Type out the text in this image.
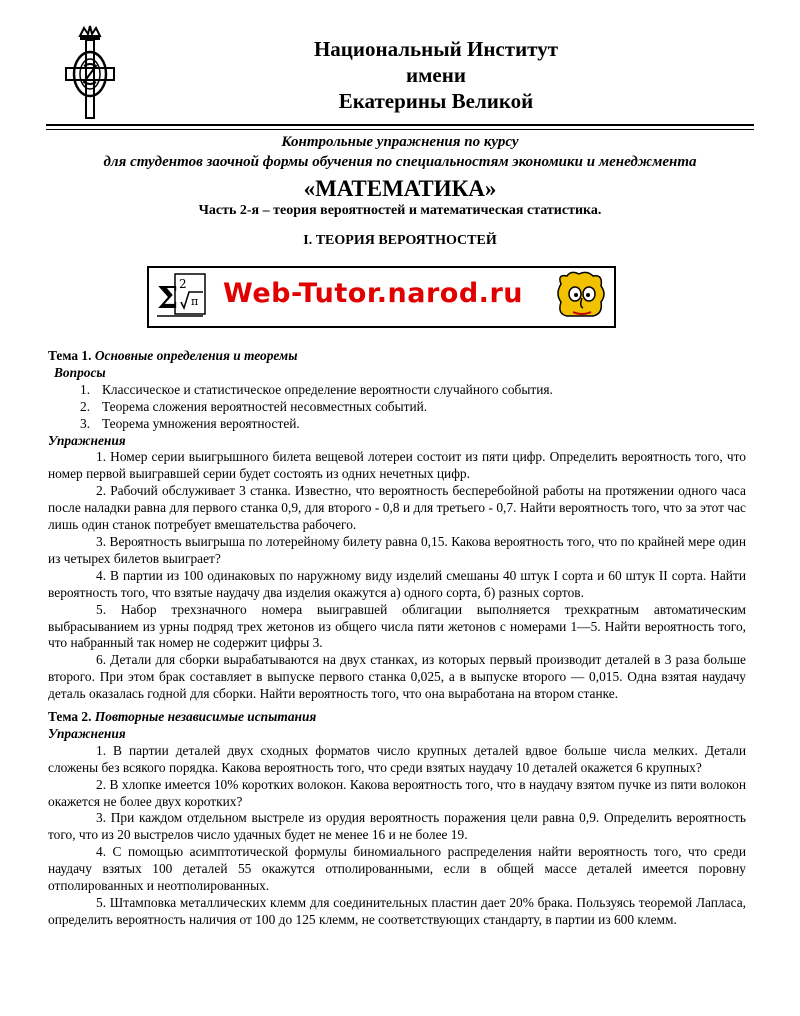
Национальный Институт
имени
Екатерины Великой
Контрольные упражнения по курсу
для студентов заочной формы обучения по специальностям экономики и менеджмента
«МАТЕМАТИКА»
Часть 2-я – теория вероятностей и математическая статистика.
I. ТЕОРИЯ ВЕРОЯТНОСТЕЙ
Σ 2
π Web-Tutor.narod.ru

Тема 1. Основные определения и теоремы

Вопросы

1. Классическое и статистическое определение вероятности случайного события.
2. Теорема сложения вероятностей несовместных событий.
3. Теорема умножения вероятностей.

Упражнения

1. Номер серии выигрышного билета вещевой лотереи состоит из пяти цифр. Определить вероятность того, что номер первой выигравшей серии будет состоять из одних нечетных цифр.

2. Рабочий обслуживает 3 станка. Известно, что вероятность бесперебойной работы на протяжении одного часа после наладки равна для первого станка 0,9, для второго - 0,8 и для третьего - 0,7. Найти вероятность того, что за этот час лишь один станок потребует вмешательства рабочего.

3. Вероятность выигрыша по лотерейному билету равна 0,15. Какова вероятность того, что по крайней мере один из четырех билетов выиграет?

4. В партии из 100 одинаковых по наружному виду изделий смешаны 40 штук I сорта и 60 штук II сорта. Найти вероятность того, что взятые наудачу два изделия окажутся а) одного сорта, б) разных сортов.

5. Набор трехзначного номера выигравшей облигации выполняется трехкратным автоматическим выбрасыванием из урны подряд трех жетонов из общего числа пяти жетонов с номерами 1—5. Найти вероятность того, что набранный так номер не содержит цифры 3.

6. Детали для сборки вырабатываются на двух станках, из которых первый производит деталей в 3 раза больше второго. При этом брак составляет в выпуске первого станка 0,025, а в выпуске второго — 0,015. Одна взятая наудачу деталь оказалась годной для сборки. Найти вероятность того, что она выработана на втором станке.

Тема 2. Повторные независимые испытания

Упражнения

1. В партии деталей двух сходных форматов число крупных деталей вдвое больше числа мелких. Детали сложены без всякого порядка. Какова вероятность того, что среди взятых наудачу 10 деталей окажется 6 крупных?

2. В хлопке имеется 10% коротких волокон. Какова вероятность того, что в наудачу взятом пучке из пяти волокон окажется не более двух коротких?

3. При каждом отдельном выстреле из орудия вероятность поражения цели равна 0,9. Определить вероятность того, что из 20 выстрелов число удачных будет не менее 16 и не более 19.

4. С помощью асимптотической формулы биномиального распределения найти вероятность того, что среди наудачу взятых 100 деталей 55 окажутся отполированными, если в общей массе деталей имеется поровну отполированных и неотполированных.

5. Штамповка металлических клемм для соединительных пластин дает 20% брака. Пользуясь теоремой Лапласа, определить вероятность наличия от 100 до 125 клемм, не соответствующих стандарту, в партии из 600 клемм.
